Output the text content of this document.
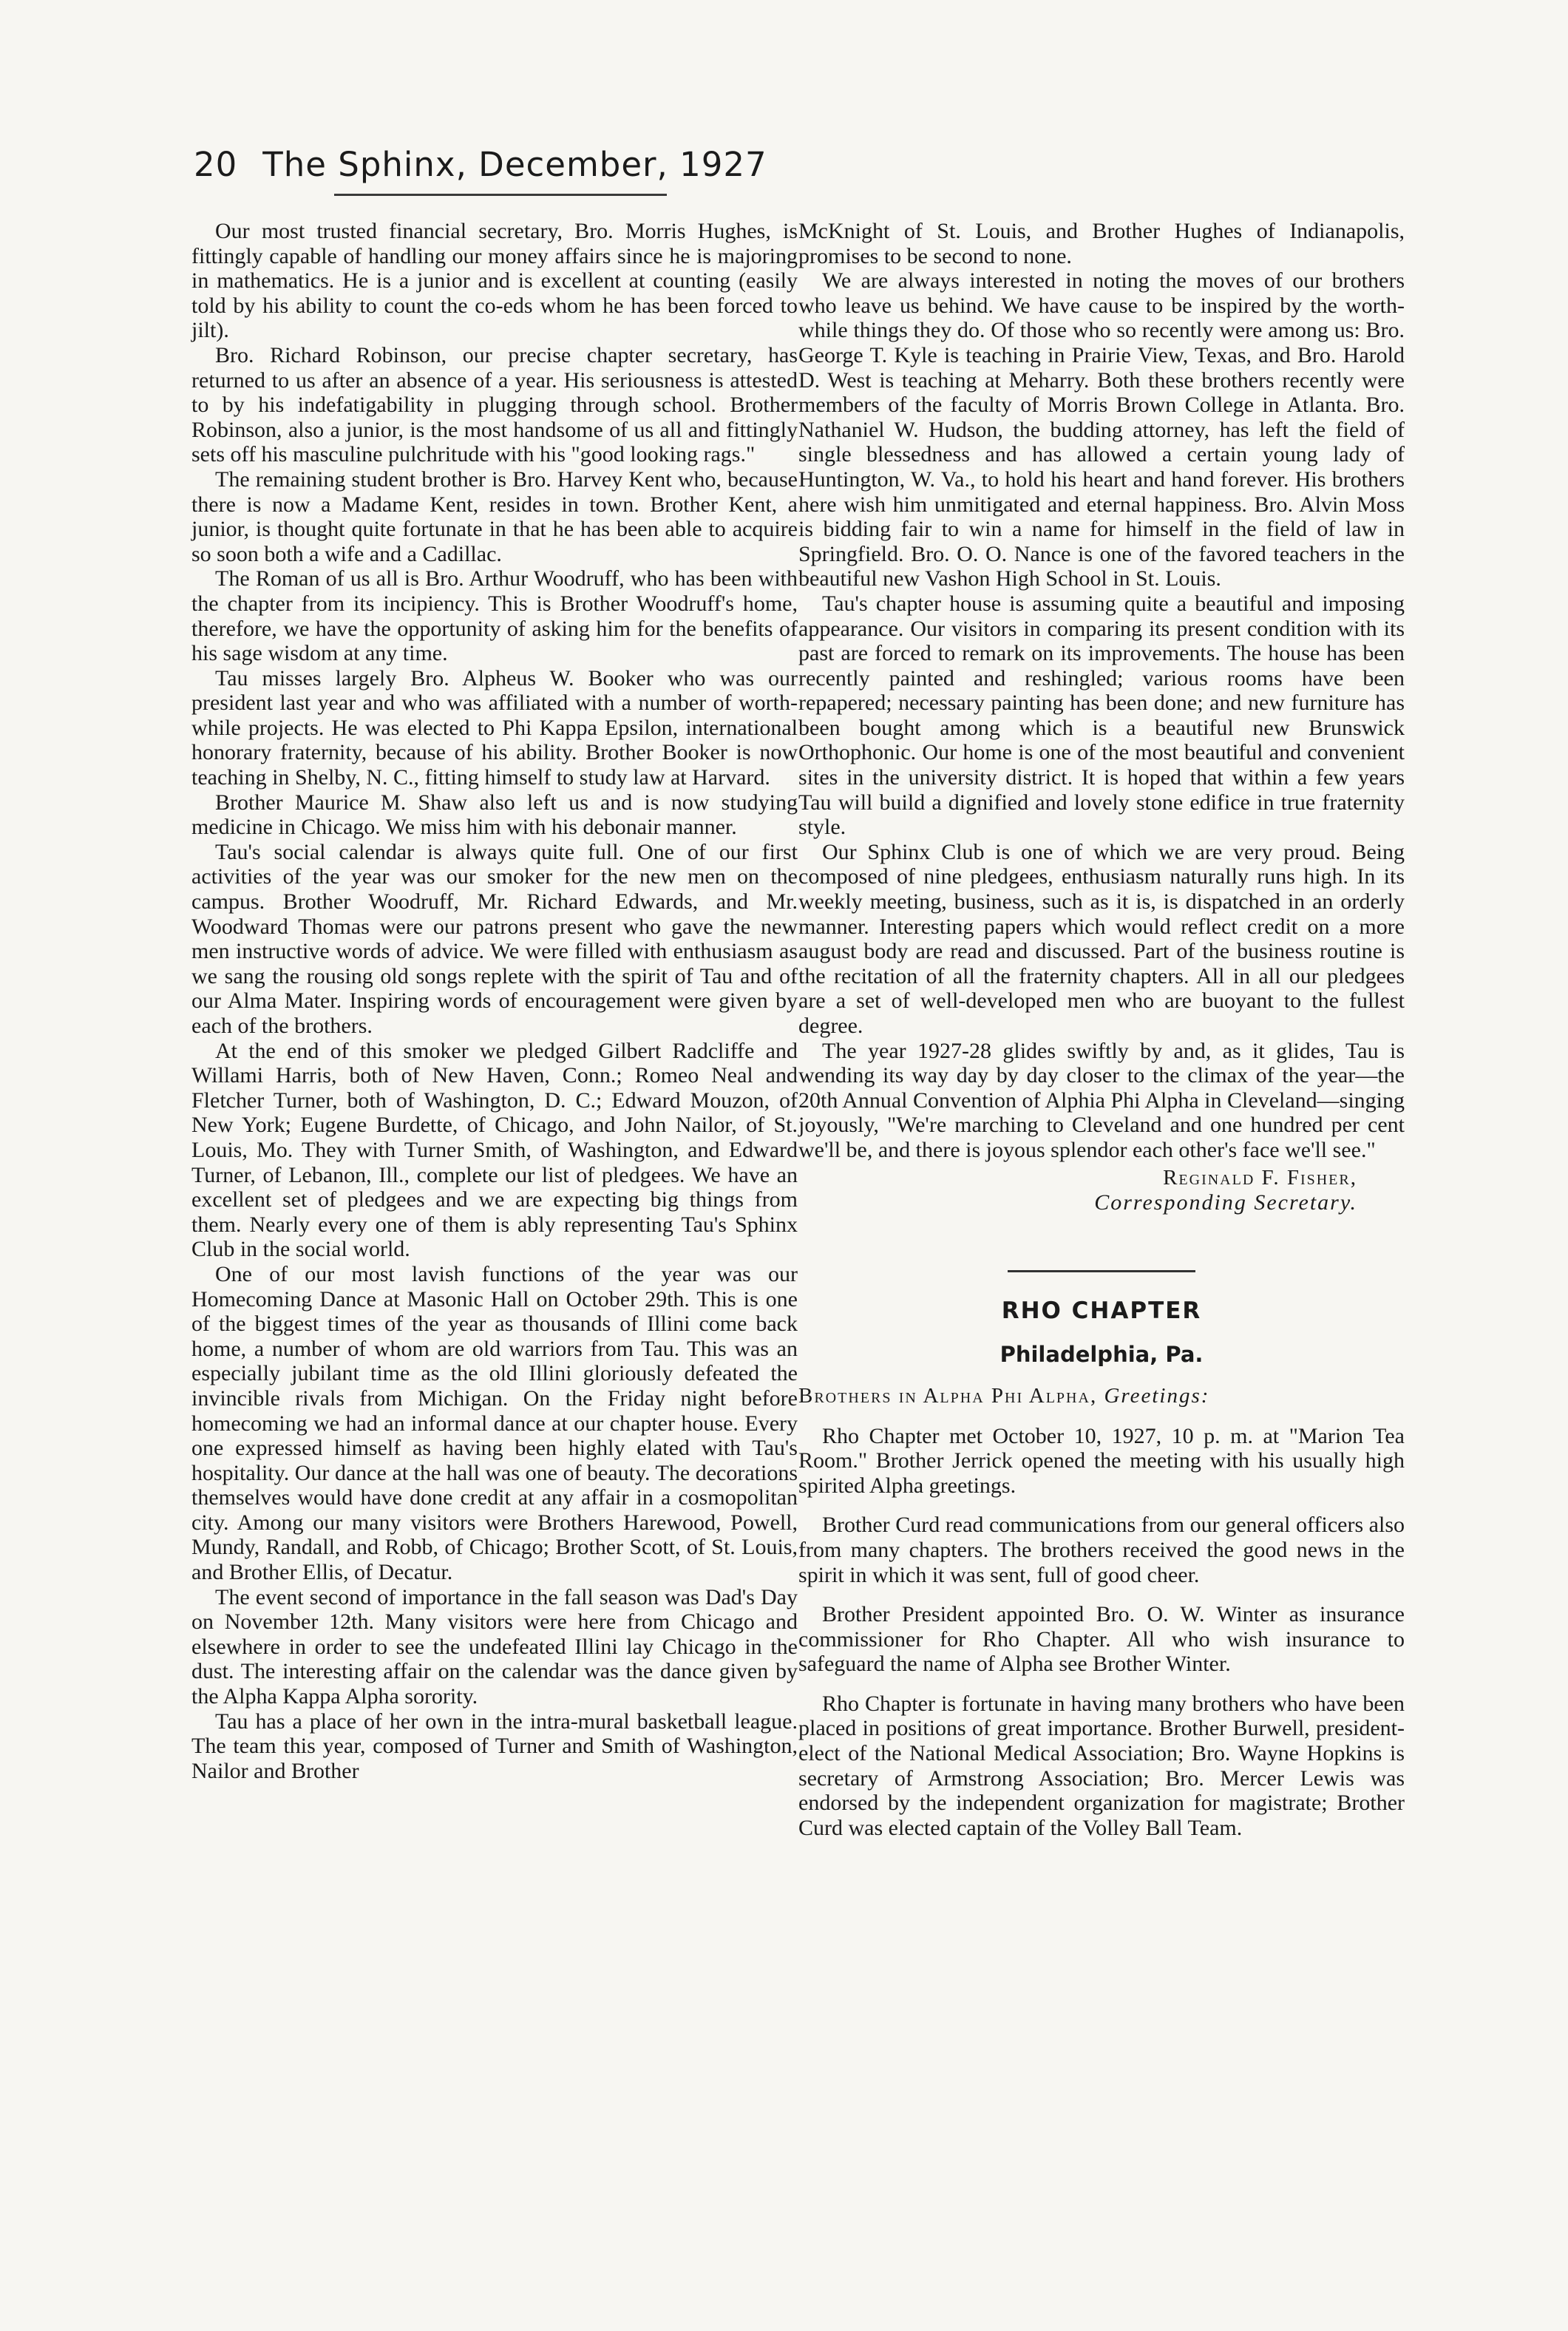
20 The Sphinx, December, 1927

Our most trusted financial secretary, Bro. Morris Hughes, is fittingly capable of handling our money affairs since he is majoring in mathematics. He is a junior and is excellent at counting (easily told by his ability to count the co-eds whom he has been forced to jilt).

Bro. Richard Robinson, our precise chapter secretary, has returned to us after an absence of a year. His seriousness is attested to by his indefatigability in plugging through school. Brother Robinson, also a junior, is the most handsome of us all and fittingly sets off his masculine pulchritude with his "good looking rags."

The remaining student brother is Bro. Harvey Kent who, because there is now a Madame Kent, resides in town. Brother Kent, a junior, is thought quite fortunate in that he has been able to acquire so soon both a wife and a Cadillac.

The Roman of us all is Bro. Arthur Woodruff, who has been with the chapter from its incipiency. This is Brother Woodruff's home, therefore, we have the opportunity of asking him for the benefits of his sage wisdom at any time.

Tau misses largely Bro. Alpheus W. Booker who was our president last year and who was affiliated with a number of worth-while projects. He was elected to Phi Kappa Epsilon, international honorary fraternity, because of his ability. Brother Booker is now teaching in Shelby, N. C., fitting himself to study law at Harvard.

Brother Maurice M. Shaw also left us and is now studying medicine in Chicago. We miss him with his debonair manner.

Tau's social calendar is always quite full. One of our first activities of the year was our smoker for the new men on the campus. Brother Woodruff, Mr. Richard Edwards, and Mr. Woodward Thomas were our patrons present who gave the new men instructive words of advice. We were filled with enthusiasm as we sang the rousing old songs replete with the spirit of Tau and of our Alma Mater. Inspiring words of encouragement were given by each of the brothers.

At the end of this smoker we pledged Gilbert Radcliffe and Willami Harris, both of New Haven, Conn.; Romeo Neal and Fletcher Turner, both of Washington, D. C.; Edward Mouzon, of New York; Eugene Burdette, of Chicago, and John Nailor, of St. Louis, Mo. They with Turner Smith, of Washington, and Edward Turner, of Lebanon, Ill., complete our list of pledgees. We have an excellent set of pledgees and we are expecting big things from them. Nearly every one of them is ably representing Tau's Sphinx Club in the social world.

One of our most lavish functions of the year was our Homecoming Dance at Masonic Hall on October 29th. This is one of the biggest times of the year as thousands of Illini come back home, a number of whom are old warriors from Tau. This was an especially jubilant time as the old Illini gloriously defeated the invincible rivals from Michigan. On the Friday night before homecoming we had an informal dance at our chapter house. Every one expressed himself as having been highly elated with Tau's hospitality. Our dance at the hall was one of beauty. The decorations themselves would have done credit at any affair in a cosmopolitan city. Among our many visitors were Brothers Harewood, Powell, Mundy, Randall, and Robb, of Chicago; Brother Scott, of St. Louis, and Brother Ellis, of Decatur.

The event second of importance in the fall season was Dad's Day on November 12th. Many visitors were here from Chicago and elsewhere in order to see the undefeated Illini lay Chicago in the dust. The interesting affair on the calendar was the dance given by the Alpha Kappa Alpha sorority.

Tau has a place of her own in the intra-mural basketball league. The team this year, composed of Turner and Smith of Washington, Nailor and Brother

McKnight of St. Louis, and Brother Hughes of Indianapolis, promises to be second to none.

We are always interested in noting the moves of our brothers who leave us behind. We have cause to be inspired by the worth-while things they do. Of those who so recently were among us: Bro. George T. Kyle is teaching in Prairie View, Texas, and Bro. Harold D. West is teaching at Meharry. Both these brothers recently were members of the faculty of Morris Brown College in Atlanta. Bro. Nathaniel W. Hudson, the budding attorney, has left the field of single blessedness and has allowed a certain young lady of Huntington, W. Va., to hold his heart and hand forever. His brothers here wish him unmitigated and eternal happiness. Bro. Alvin Moss is bidding fair to win a name for himself in the field of law in Springfield. Bro. O. O. Nance is one of the favored teachers in the beautiful new Vashon High School in St. Louis.

Tau's chapter house is assuming quite a beautiful and imposing appearance. Our visitors in comparing its present condition with its past are forced to remark on its improvements. The house has been recently painted and reshingled; various rooms have been repapered; necessary painting has been done; and new furniture has been bought among which is a beautiful new Brunswick Orthophonic. Our home is one of the most beautiful and convenient sites in the university district. It is hoped that within a few years Tau will build a dignified and lovely stone edifice in true fraternity style.

Our Sphinx Club is one of which we are very proud. Being composed of nine pledgees, enthusiasm naturally runs high. In its weekly meeting, business, such as it is, is dispatched in an orderly manner. Interesting papers which would reflect credit on a more august body are read and discussed. Part of the business routine is the recitation of all the fraternity chapters. All in all our pledgees are a set of well-developed men who are buoyant to the fullest degree.

The year 1927-28 glides swiftly by and, as it glides, Tau is wending its way day by day closer to the climax of the year—the 20th Annual Convention of Alphia Phi Alpha in Cleveland—singing joyously, "We're marching to Cleveland and one hundred per cent we'll be, and there is joyous splendor each other's face we'll see."

Reginald F. Fisher,
Corresponding Secretary.
RHO CHAPTER
Philadelphia, Pa.

Brothers in Alpha Phi Alpha, Greetings:

Rho Chapter met October 10, 1927, 10 p. m. at "Marion Tea Room." Brother Jerrick opened the meeting with his usually high spirited Alpha greetings.

Brother Curd read communications from our general officers also from many chapters. The brothers received the good news in the spirit in which it was sent, full of good cheer.

Brother President appointed Bro. O. W. Winter as insurance commissioner for Rho Chapter. All who wish insurance to safeguard the name of Alpha see Brother Winter.

Rho Chapter is fortunate in having many brothers who have been placed in positions of great importance. Brother Burwell, president-elect of the National Medical Association; Bro. Wayne Hopkins is secretary of Armstrong Association; Bro. Mercer Lewis was endorsed by the independent organization for magistrate; Brother Curd was elected captain of the Volley Ball Team.
